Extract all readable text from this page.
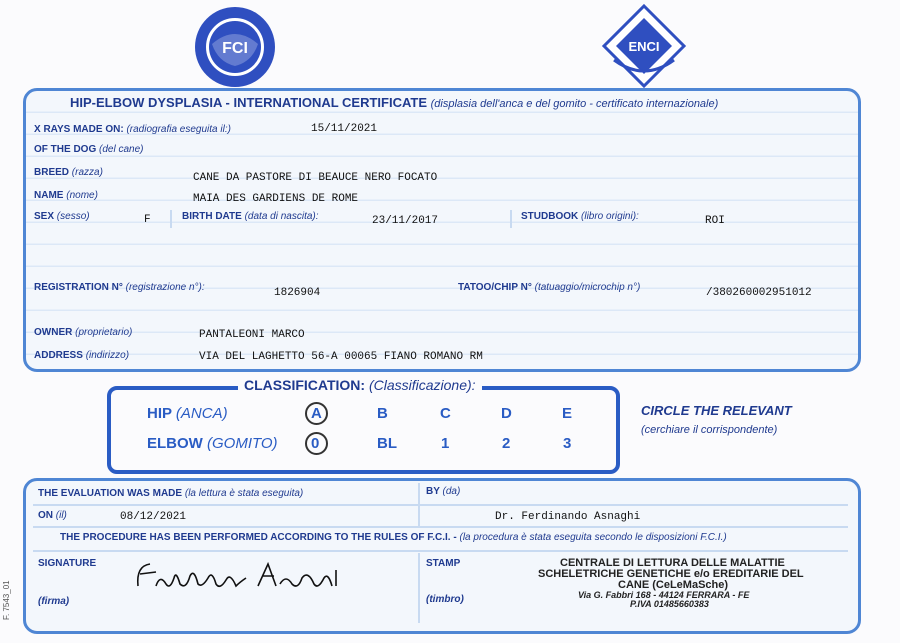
FCI	ENCI
HIP-ELBOW DYSPLASIA - INTERNATIONAL CERTIFICATE (displasia dell'anca e del gomito - certificato internazionale)
X RAYS MADE ON: (radiografia eseguita il:)	15/11/2021
OF THE DOG (del cane)
BREED (razza)	CANE DA PASTORE DI BEAUCE NERO FOCATO
NAME (nome)	MAIA DES GARDIENS DE ROME
SEX (sesso)	F	BIRTH DATE (data di nascita):	23/11/2017	STUDBOOK (libro origini):	ROI
REGISTRATION N° (registrazione n°):	1826904	TATOO/CHIP N° (tatuaggio/microchip n°)	/380260002951012
OWNER (proprietario)	PANTALEONI MARCO
ADDRESS (indirizzo)	VIA DEL LAGHETTO 56-A 00065 FIANO ROMANO RM
CLASSIFICATION: (Classificazione):
HIP (ANCA)	A	B	C	D	E
ELBOW (GOMITO) 0	BL	1	2	3
CIRCLE THE RELEVANT
(cerchiare il corrispondente)
THE EVALUATION WAS MADE (la lettura è stata eseguita)	BY (da)
ON (il)	08/12/2021	Dr. Ferdinando Asnaghi
THE PROCEDURE HAS BEEN PERFORMED ACCORDING TO THE RULES OF F.C.I. - (la procedura è stata eseguita secondo le disposizioni F.C.I.)
SIGNATURE
(firma)
STAMP
(timbro)
CENTRALE DI LETTURA DELLE MALATTIE
SCHELETRICHE GENETICHE e/o EREDITARIE DEL
CANE (CeLeMaSche)
Via G. Fabbri 168 - 44124 FERRARA - FE
P.IVA 01485660383
F. 7543_01
